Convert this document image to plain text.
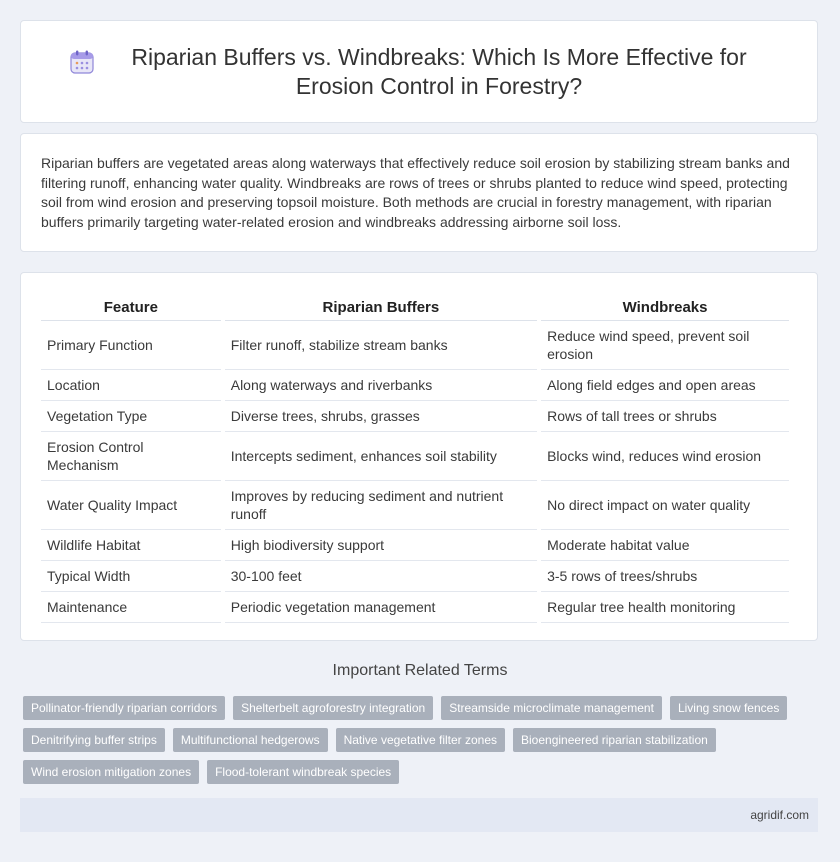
Riparian Buffers vs. Windbreaks: Which Is More Effective for Erosion Control in Forestry?

Riparian buffers are vegetated areas along waterways that effectively reduce soil erosion by stabilizing stream banks and filtering runoff, enhancing water quality. Windbreaks are rows of trees or shrubs planted to reduce wind speed, protecting soil from wind erosion and preserving topsoil moisture. Both methods are crucial in forestry management, with riparian buffers primarily targeting water-related erosion and windbreaks addressing airborne soil loss.

Feature	Riparian Buffers	Windbreaks
Primary Function	Filter runoff, stabilize stream banks	Reduce wind speed, prevent soil erosion
Location	Along waterways and riverbanks	Along field edges and open areas
Vegetation Type	Diverse trees, shrubs, grasses	Rows of tall trees or shrubs
Erosion Control Mechanism	Intercepts sediment, enhances soil stability	Blocks wind, reduces wind erosion
Water Quality Impact	Improves by reducing sediment and nutrient runoff	No direct impact on water quality
Wildlife Habitat	High biodiversity support	Moderate habitat value
Typical Width	30-100 feet	3-5 rows of trees/shrubs
Maintenance	Periodic vegetation management	Regular tree health monitoring
Important Related Terms
Pollinator-friendly riparian corridors	Shelterbelt agroforestry integration	Streamside microclimate management	Living snow fences
Denitrifying buffer strips	Multifunctional hedgerows	Native vegetative filter zones	Bioengineered riparian stabilization
Wind erosion mitigation zones	Flood-tolerant windbreak species
agridif.com
